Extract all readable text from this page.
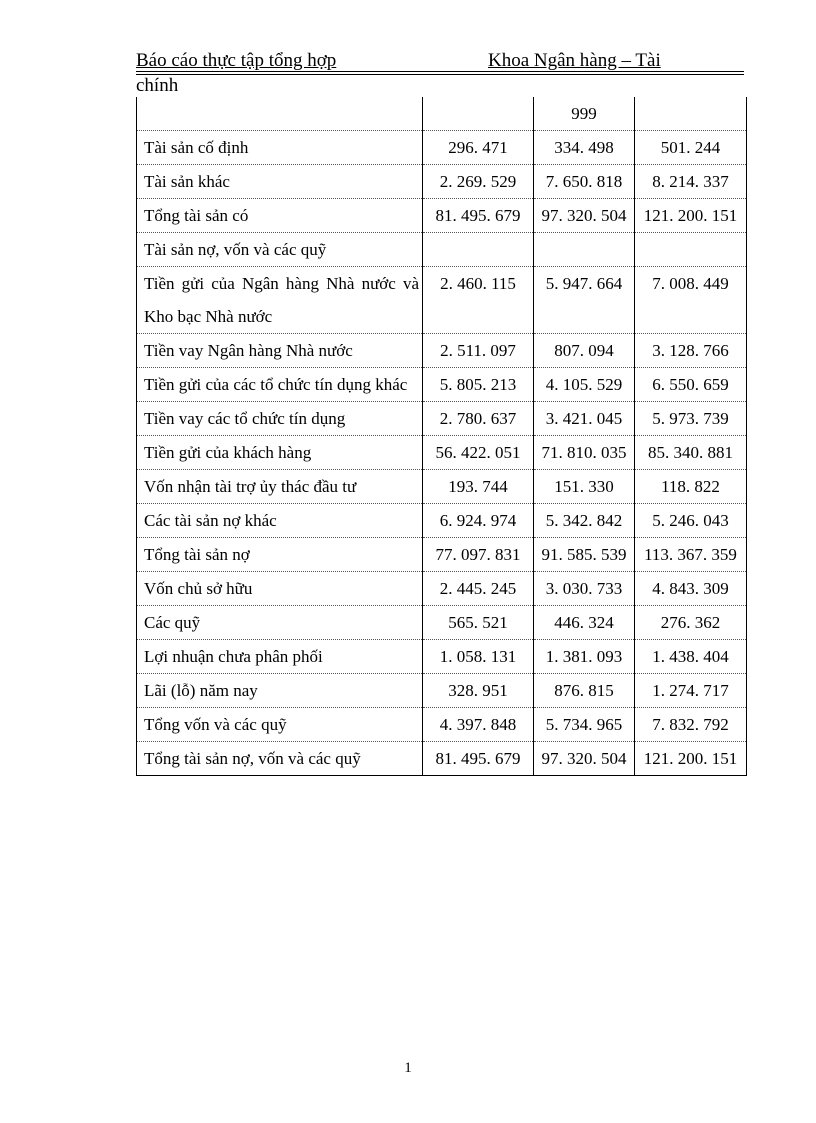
Báo cáo thực tập tổng hợp	Khoa Ngân hàng – Tài
chính
		999	
Tài sản cố định	296. 471	334. 498	501. 244
Tài sản khác	2. 269. 529	7. 650. 818	8. 214. 337
Tổng tài sản có	81. 495. 679	97. 320. 504	121. 200. 151
Tài sản nợ, vốn và các quỹ			
Tiền gửi của Ngân hàng Nhà nước và Kho bạc Nhà nước	2. 460. 115	5. 947. 664	7. 008. 449
Tiền vay Ngân hàng Nhà nước	2. 511. 097	807. 094	3. 128. 766
Tiền gửi của các tổ chức tín dụng khác	5. 805. 213	4. 105. 529	6. 550. 659
Tiền vay các tổ chức tín dụng	2. 780. 637	3. 421. 045	5. 973. 739
Tiền gửi của khách hàng	56. 422. 051	71. 810. 035	85. 340. 881
Vốn nhận tài trợ ủy thác đầu tư	193. 744	151. 330	118. 822
Các tài sản nợ khác	6. 924. 974	5. 342. 842	5. 246. 043
Tổng tài sản nợ	77. 097. 831	91. 585. 539	113. 367. 359
Vốn chủ sở hữu	2. 445. 245	3. 030. 733	4. 843. 309
Các quỹ	565. 521	446. 324	276. 362
Lợi nhuận chưa phân phối	1. 058. 131	1. 381. 093	1. 438. 404
Lãi (lỗ) năm nay	328. 951	876. 815	1. 274. 717
Tổng vốn và các quỹ	4. 397. 848	5. 734. 965	7. 832. 792
Tổng tài sản nợ, vốn và các quỹ	81. 495. 679	97. 320. 504	121. 200. 151
1
